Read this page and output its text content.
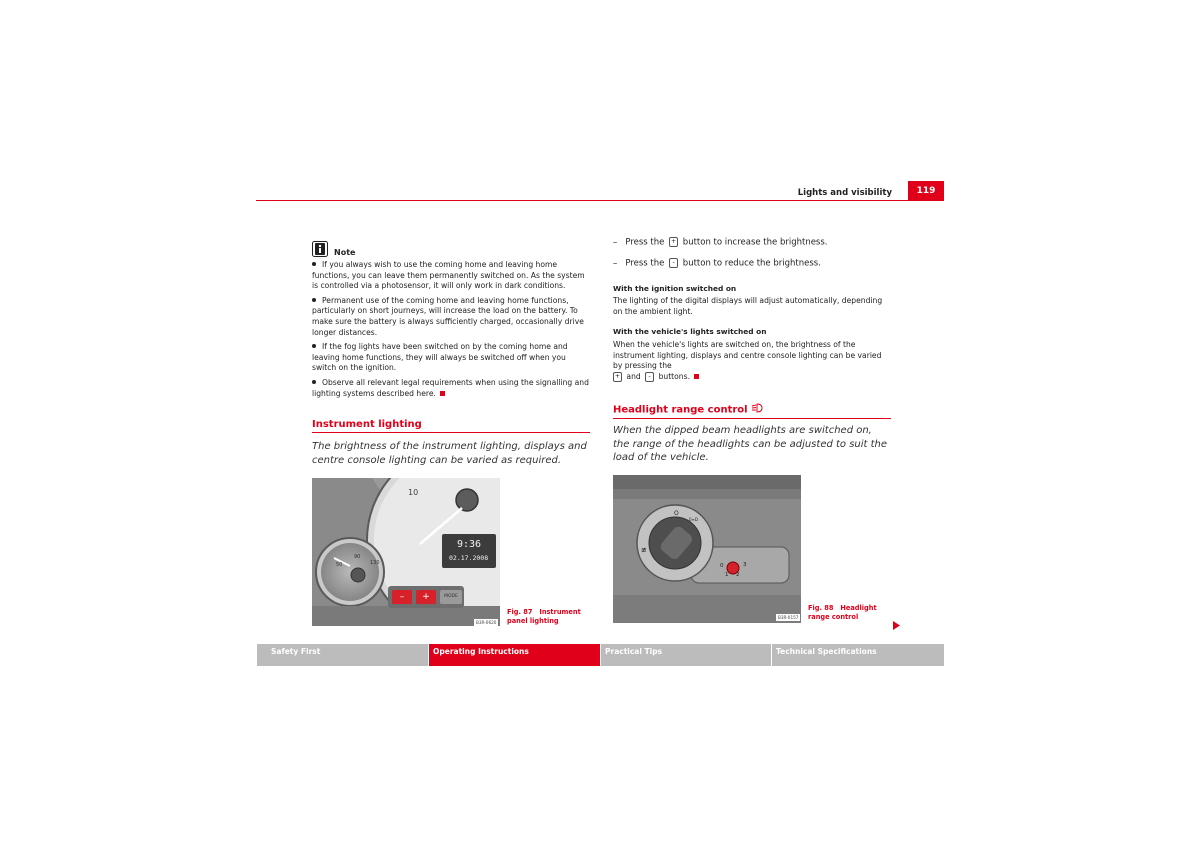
Lights and visibility	119
Note
If you always wish to use the coming home and leaving home functions, you can leave them permanently switched on. As the system is controlled via a photosensor, it will only work in dark conditions.
Permanent use of the coming home and leaving home functions, particularly on short journeys, will increase the load on the battery. To make sure the battery is always sufficiently charged, occasionally drive longer distances.
If the fog lights have been switched on by the coming home and leaving home functions, they will always be switched off when you switch on the ignition.
Observe all relevant legal requirements when using the signalling and lighting systems described here.
Instrument lighting
The brightness of the instrument lighting, displays and centre console lighting can be varied as required.
10
90
50	130
9:36
02.17.2008
–	+	MODE
B3R-0620
Fig. 87 Instrument panel lighting
– Press the + button to increase the brightness.
– Press the - button to reduce the brightness.
With the ignition switched on
The lighting of the digital displays will adjust automatically, depending on the ambient light.
With the vehicle's lights switched on
When the vehicle's lights are switched on, the brightness of the instrument lighting, displays and centre console lighting can be varied by pressing the
+ and - buttons.
Headlight range control
When the dipped beam headlights are switched on, the range of the headlights can be adjusted to suit the load of the vehicle.
O
0≡D
≢
0
1 2
3
B3R-0157
Fig. 88 Headlight range control
Safety First	Operating Instructions	Practical Tips	Technical Specifications
